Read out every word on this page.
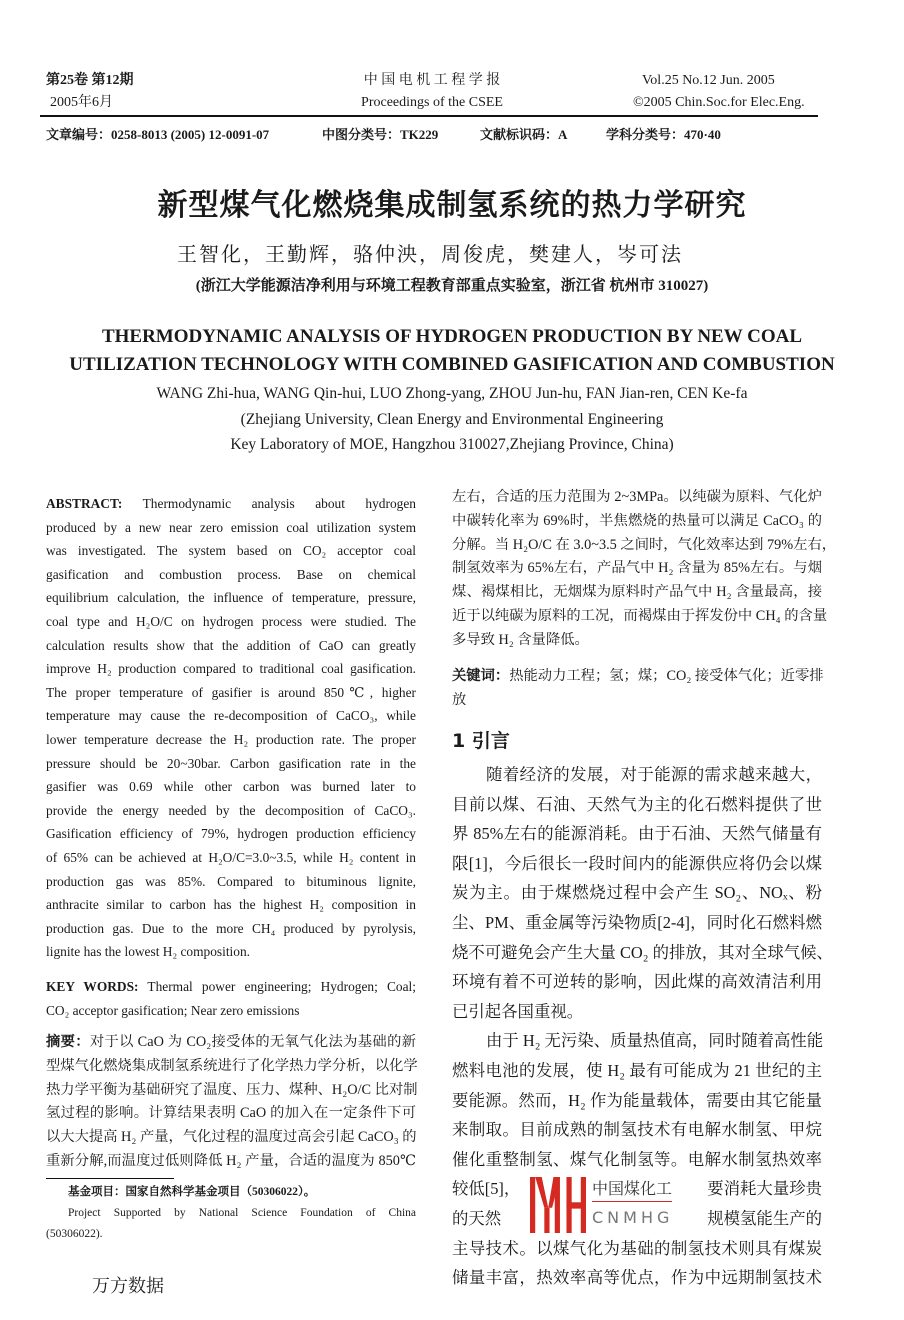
第25卷 第12期
2005年6月
中 国 电 机 工 程 学 报
Proceedings of the CSEE
Vol.25 No.12 Jun. 2005
©2005 Chin.Soc.for Elec.Eng.
文章编号：0258-8013 (2005) 12-0091-07	中图分类号：TK229	文献标识码：A	学科分类号：470·40
新型煤气化燃烧集成制氢系统的热力学研究
王智化，王勤辉，骆仲泱，周俊虎，樊建人，岑可法
(浙江大学能源洁净利用与环境工程教育部重点实验室，浙江省 杭州市 310027)
THERMODYNAMIC ANALYSIS OF HYDROGEN PRODUCTION BY NEW COAL
UTILIZATION TECHNOLOGY WITH COMBINED GASIFICATION AND COMBUSTION
WANG Zhi-hua, WANG Qin-hui, LUO Zhong-yang, ZHOU Jun-hu, FAN Jian-ren, CEN Ke-fa
(Zhejiang University, Clean Energy and Environmental Engineering
Key Laboratory of MOE, Hangzhou 310027,Zhejiang Province, China)
ABSTRACT: Thermodynamic analysis about hydrogen
produced by a new near zero emission coal utilization system
was investigated. The system based on CO₂ acceptor coal
gasification and combustion process. Base on chemical
equilibrium calculation, the influence of temperature, pressure,
coal type and H₂O/C on hydrogen process were studied. The
calculation results show that the addition of CaO can greatly
improve H₂ production compared to traditional coal gasification.
The proper temperature of gasifier is around 850℃, higher
temperature may cause the re-decomposition of CaCO₃, while
lower temperature decrease the H₂ production rate. The proper
pressure should be 20~30bar. Carbon gasification rate in the
gasifier was 0.69 while other carbon was burned later to
provide the energy needed by the decomposition of CaCO₃.
Gasification efficiency of 79%, hydrogen production efficiency
of 65% can be achieved at H₂O/C=3.0~3.5, while H₂ content in
production gas was 85%. Compared to bituminous lignite,
anthracite similar to carbon has the highest H₂ composition in
production gas. Due to the more CH₄ produced by pyrolysis,
lignite has the lowest H₂ composition.
KEY WORDS: Thermal power engineering; Hydrogen; Coal;
CO₂ acceptor gasification; Near zero emissions
摘要：对于以 CaO 为 CO₂接受体的无氧气化法为基础的新
型煤气化燃烧集成制氢系统进行了化学热力学分析，以化学
热力学平衡为基础研究了温度、压力、煤种、H₂O/C 比对制
氢过程的影响。计算结果表明 CaO 的加入在一定条件下可
以大大提高 H₂ 产量，气化过程的温度过高会引起 CaCO₃ 的
重新分解,而温度过低则降低 H₂ 产量，合适的温度为 850℃
基金项目：国家自然科学基金项目（50306022）。
Project Supported by National Science Foundation of China
(50306022).
万方数据
左右，合适的压力范围为 2~3MPa。以纯碳为原料、气化炉
中碳转化率为 69%时，半焦燃烧的热量可以满足 CaCO₃ 的
分解。当 H₂O/C 在 3.0~3.5 之间时，气化效率达到 79%左右，
制氢效率为 65%左右，产品气中 H₂ 含量为 85%左右。与烟
煤、褐煤相比，无烟煤为原料时产品气中 H₂ 含量最高，接
近于以纯碳为原料的工况，而褐煤由于挥发份中 CH₄ 的含量
多导致 H₂ 含量降低。
关键词：热能动力工程；氢；煤；CO₂ 接受体气化；近零排
放
1 引言
随着经济的发展，对于能源的需求越来越大，
目前以煤、石油、天然气为主的化石燃料提供了世
界 85%左右的能源消耗。由于石油、天然气储量有
限[1]，今后很长一段时间内的能源供应将仍会以煤
炭为主。由于煤燃烧过程中会产生 SO₂、NOₓ、粉
尘、PM、重金属等污染物质[2-4]，同时化石燃料燃
烧不可避免会产生大量 CO₂ 的排放，其对全球气候、
环境有着不可逆转的影响，因此煤的高效清洁利用
已引起各国重视。
由于 H₂ 无污染、质量热值高，同时随着高性能
燃料电池的发展，使 H₂ 最有可能成为 21 世纪的主
要能源。然而，H₂ 作为能量载体，需要由其它能量
来制取。目前成熟的制氢技术有电解水制氢、甲烷
催化重整制氢、煤气化制氢等。电解水制氢热效率
较低[5]，	要消耗大量珍贵
的天然	规模氢能生产的
主导技术。以煤气化为基础的制氢技术则具有煤炭
储量丰富，热效率高等优点，作为中远期制氢技术
中国煤化工
CNMHG
